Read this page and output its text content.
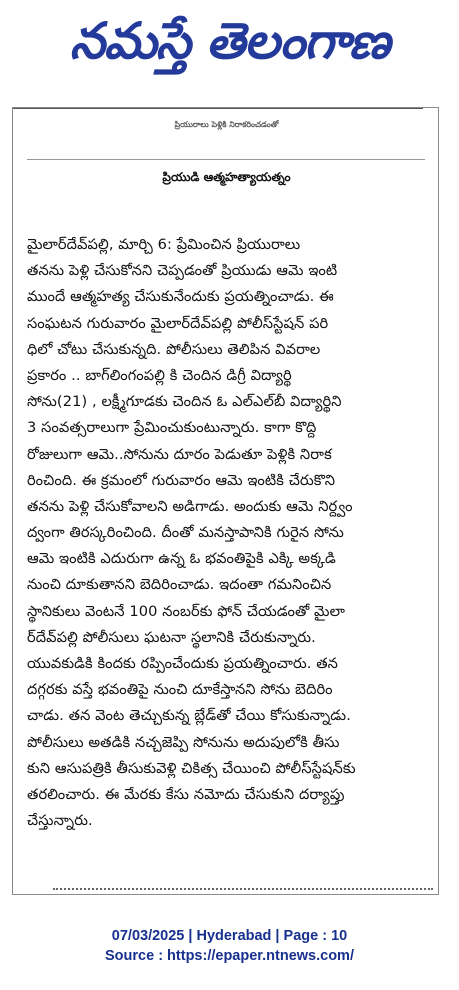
నమస్తే తెలంగాణ
ప్రియురాలు పెళ్లికి నిరాకరించడంతో
ప్రియుడి ఆత్మహత్యాయత్నం
మైలార్‌దేవ్‌పల్లి, మార్చి 6: ప్రేమించిన ప్రియురాలు
తనను పెళ్లి చేసుకోనని చెప్పడంతో ప్రియుడు ఆమె ఇంటి
ముందే ఆత్మహత్య చేసుకునేందుకు ప్రయత్నించాడు. ఈ
సంఘటన గురువారం మైలార్‌దేవ్‌పల్లి పోలీస్‌స్టేషన్ పరి
ధిలో చోటు చేసుకున్నది. పోలీసులు తెలిపిన వివరాల
ప్రకారం .. బాగ్‌లింగంపల్లి కి చెందిన డిగ్రీ విద్యార్థి
సోను(21) , లక్ష్మీగూడకు చెందిన ఓ ఎల్‌ఎల్‌బీ విద్యార్థిని
3 సంవత్సరాలుగా ప్రేమించుకుంటున్నారు. కాగా కొద్ది
రోజులుగా ఆమె..సోనును దూరం పెడుతూ పెళ్లికి నిరాక
రించింది. ఈ క్రమంలో గురువారం ఆమె ఇంటికి చేరుకొని
తనను పెళ్లి చేసుకోవాలని అడిగాడు. అందుకు ఆమె నిర్ద్వం
ద్వంగా తిరస్కరించింది. దీంతో మనస్తాపానికి గురైన సోను
ఆమె ఇంటికి ఎదురుగా ఉన్న ఓ భవంతిపైకి ఎక్కి అక్కడి
నుంచి దూకుతానని బెదిరించాడు. ఇదంతా గమనించిన
స్థానికులు వెంటనే 100 నంబర్‌కు ఫోన్ చేయడంతో మైలా
ర్‌దేవ్‌పల్లి పోలీసులు ఘటనా స్థలానికి చేరుకున్నారు.
యువకుడికి కిందకు రప్పించేందుకు ప్రయత్నించారు. తన
దగ్గరకు వస్తే భవంతిపై నుంచి దూకేస్తానని సోను బెదిరిం
చాడు. తన వెంట తెచ్చుకున్న బ్లేడ్‌తో చేయి కోసుకున్నాడు.
పోలీసులు అతడికి నచ్చజెప్పి సోనును అదుపులోకి తీసు
కుని ఆసుపత్రికి తీసుకువెళ్లి చికిత్స చేయించి పోలీస్‌స్టేషన్‌కు
తరలించారు. ఈ మేరకు కేసు నమోదు చేసుకుని దర్యాప్తు
చేస్తున్నారు.
07/03/2025 | Hyderabad | Page : 10
Source : https://epaper.ntnews.com/
